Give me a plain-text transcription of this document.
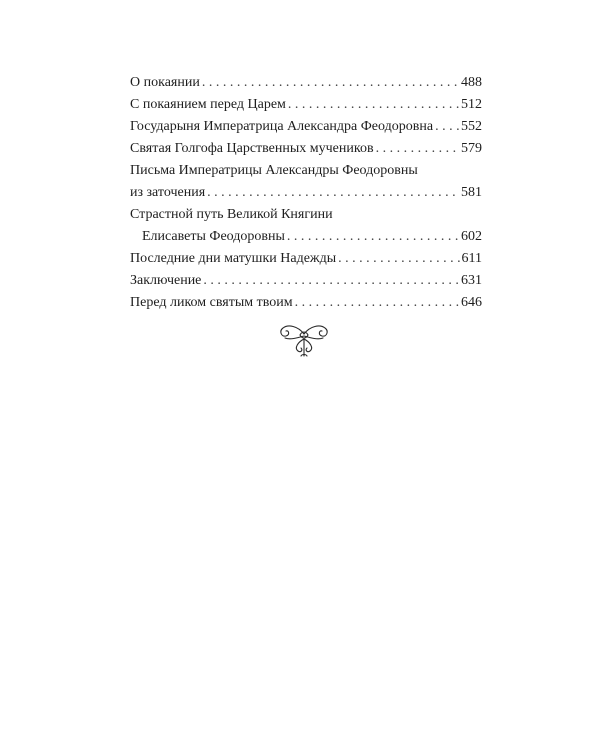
О покаянии . . .	488
С покаянием перед Царем . . .	512
Государыня Императрица Александра Феодоровна . . . 552
Святая Голгофа Царственных мучеников . . .	579
Письма Императрицы Александры Феодоровны
из заточения . . .	581
Страстной путь Великой Княгини
Елисаветы Феодоровны . . .	602
Последние дни матушки Надежды . . .	611
Заключение . . .	631
Перед ликом святым твоим . . .	646
